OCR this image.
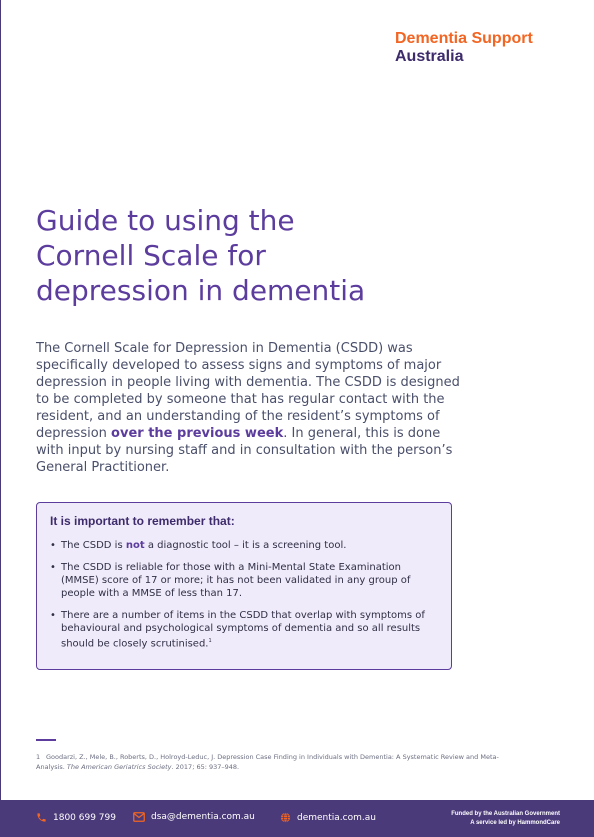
Dementia Support
Australia
Guide to using the
Cornell Scale for
depression in dementia

The Cornell Scale for Depression in Dementia (CSDD) was specifically developed to assess signs and symptoms of major depression in people living with dementia. The CSDD is designed to be completed by someone that has regular contact with the resident, and an understanding of the resident’s symptoms of depression over the previous week. In general, this is done with input by nursing staff and in consultation with the person’s General Practitioner.

It is important to remember that:
• The CSDD is not a diagnostic tool – it is a screening tool.
• The CSDD is reliable for those with a Mini-Mental State Examination (MMSE) score of 17 or more; it has not been validated in any group of people with a MMSE of less than 17.
• There are a number of items in the CSDD that overlap with symptoms of behavioural and psychological symptoms of dementia and so all results should be closely scrutinised.$^1$
1 Goodarzi, Z., Mele, B., Roberts, D., Holroyd-Leduc, J. Depression Case Finding in Individuals with Dementia: A Systematic Review and Meta-Analysis. The American Geriatrics Society. 2017; 65: 937–948.
1800 699 799	dsa@dementia.com.au	dementia.com.au	Funded by the Australian Government
A service led by HammondCare
